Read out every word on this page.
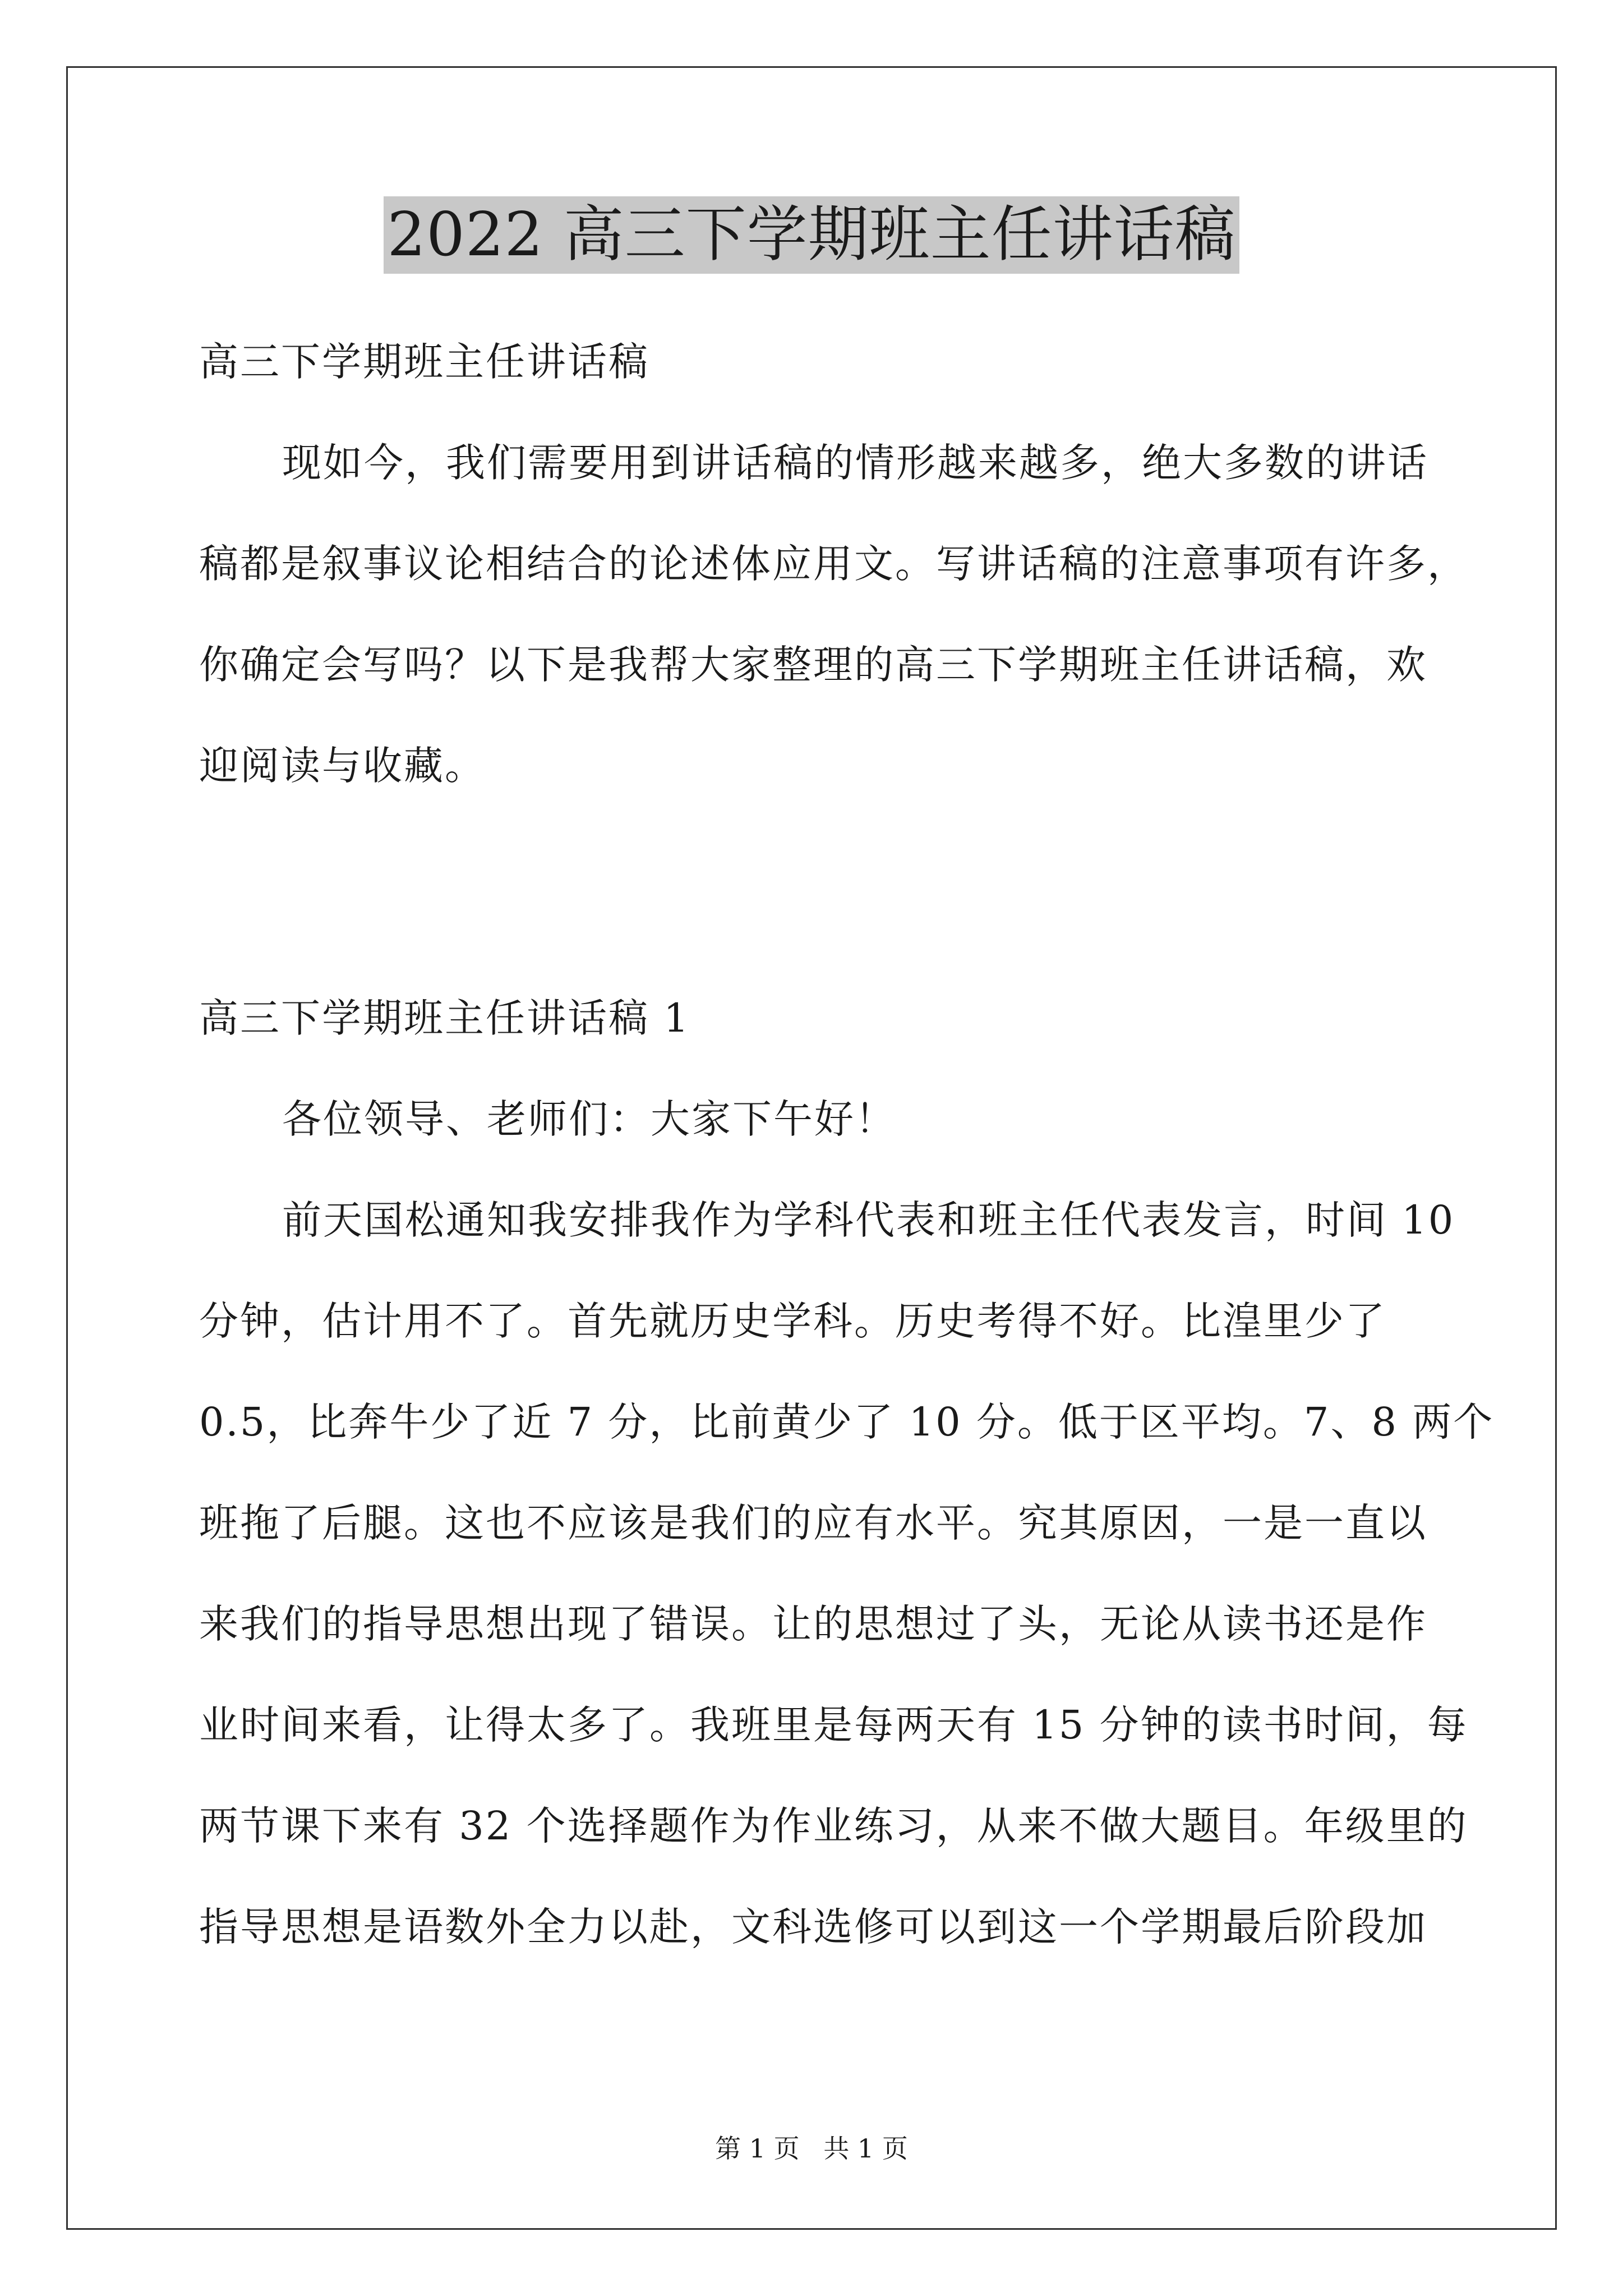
2022 高三下学期班主任讲话稿
高三下学期班主任讲话稿
现如今，我们需要用到讲话稿的情形越来越多，绝大多数的讲话
稿都是叙事议论相结合的论述体应用文。写讲话稿的注意事项有许多，
你确定会写吗？以下是我帮大家整理的高三下学期班主任讲话稿，欢
迎阅读与收藏。
高三下学期班主任讲话稿 1
各位领导、老师们：大家下午好！
前天国松通知我安排我作为学科代表和班主任代表发言，时间 10
分钟，估计用不了。首先就历史学科。历史考得不好。比湟里少了
0.5，比奔牛少了近 7 分，比前黄少了 10 分。低于区平均。7、8 两个
班拖了后腿。这也不应该是我们的应有水平。究其原因，一是一直以
来我们的指导思想出现了错误。让的思想过了头，无论从读书还是作
业时间来看，让得太多了。我班里是每两天有 15 分钟的读书时间，每
两节课下来有 32 个选择题作为作业练习，从来不做大题目。年级里的
指导思想是语数外全力以赴，文科选修可以到这一个学期最后阶段加
第 1 页 共 1 页
